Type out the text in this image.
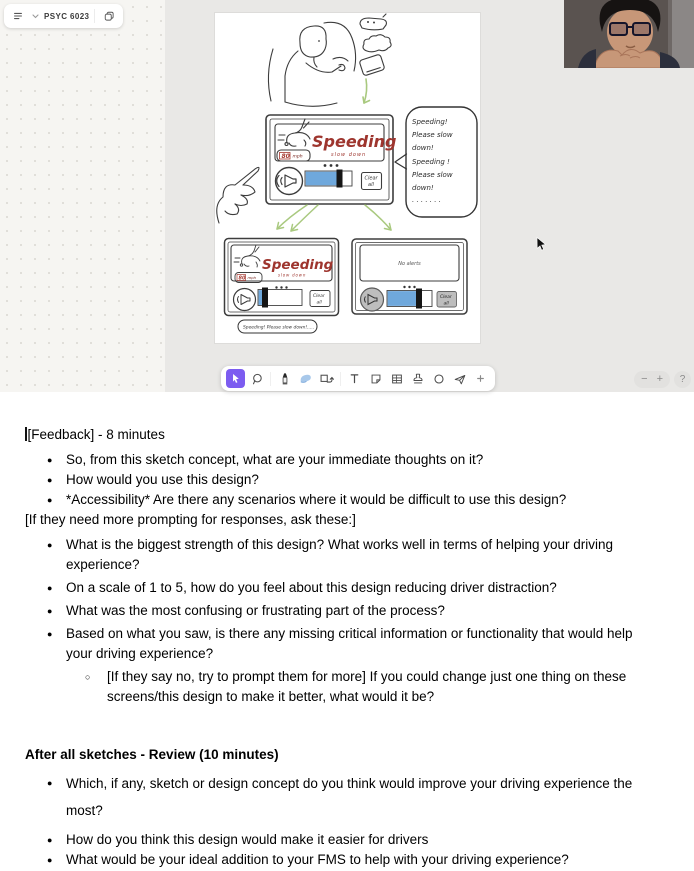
Speeding
slow down
80 mph
Clear
all
Speeding!
Please slow
down!
Speeding !
Please slow
down!
. . . . . . .
Speeding
slow down
80 mph
Clear
all
Speeding! Please slow down!.....
No alerts
Clear
all
PSYC 6023
− +	?

[Feedback] - 8 minutes

●	So, from this sketch concept, what are your immediate thoughts on it?
●	How would you use this design?
●	*Accessibility* Are there any scenarios where it would be difficult to use this design?

[If they need more prompting for responses, ask these:]

●	What is the biggest strength of this design? What works well in terms of helping your driving experience?
●	On a scale of 1 to 5, how do you feel about this design reducing driver distraction?
●	What was the most confusing or frustrating part of the process?
●	Based on what you saw, is there any missing critical information or functionality that would help your driving experience?
○	[If they say no, try to prompt them for more] If you could change just one thing on these screens/this design to make it better, what would it be?

After all sketches - Review (10 minutes)

●	Which, if any, sketch or design concept do you think would improve your driving experience the most?
●	How do you think this design would make it easier for drivers
●	What would be your ideal addition to your FMS to help with your driving experience?
